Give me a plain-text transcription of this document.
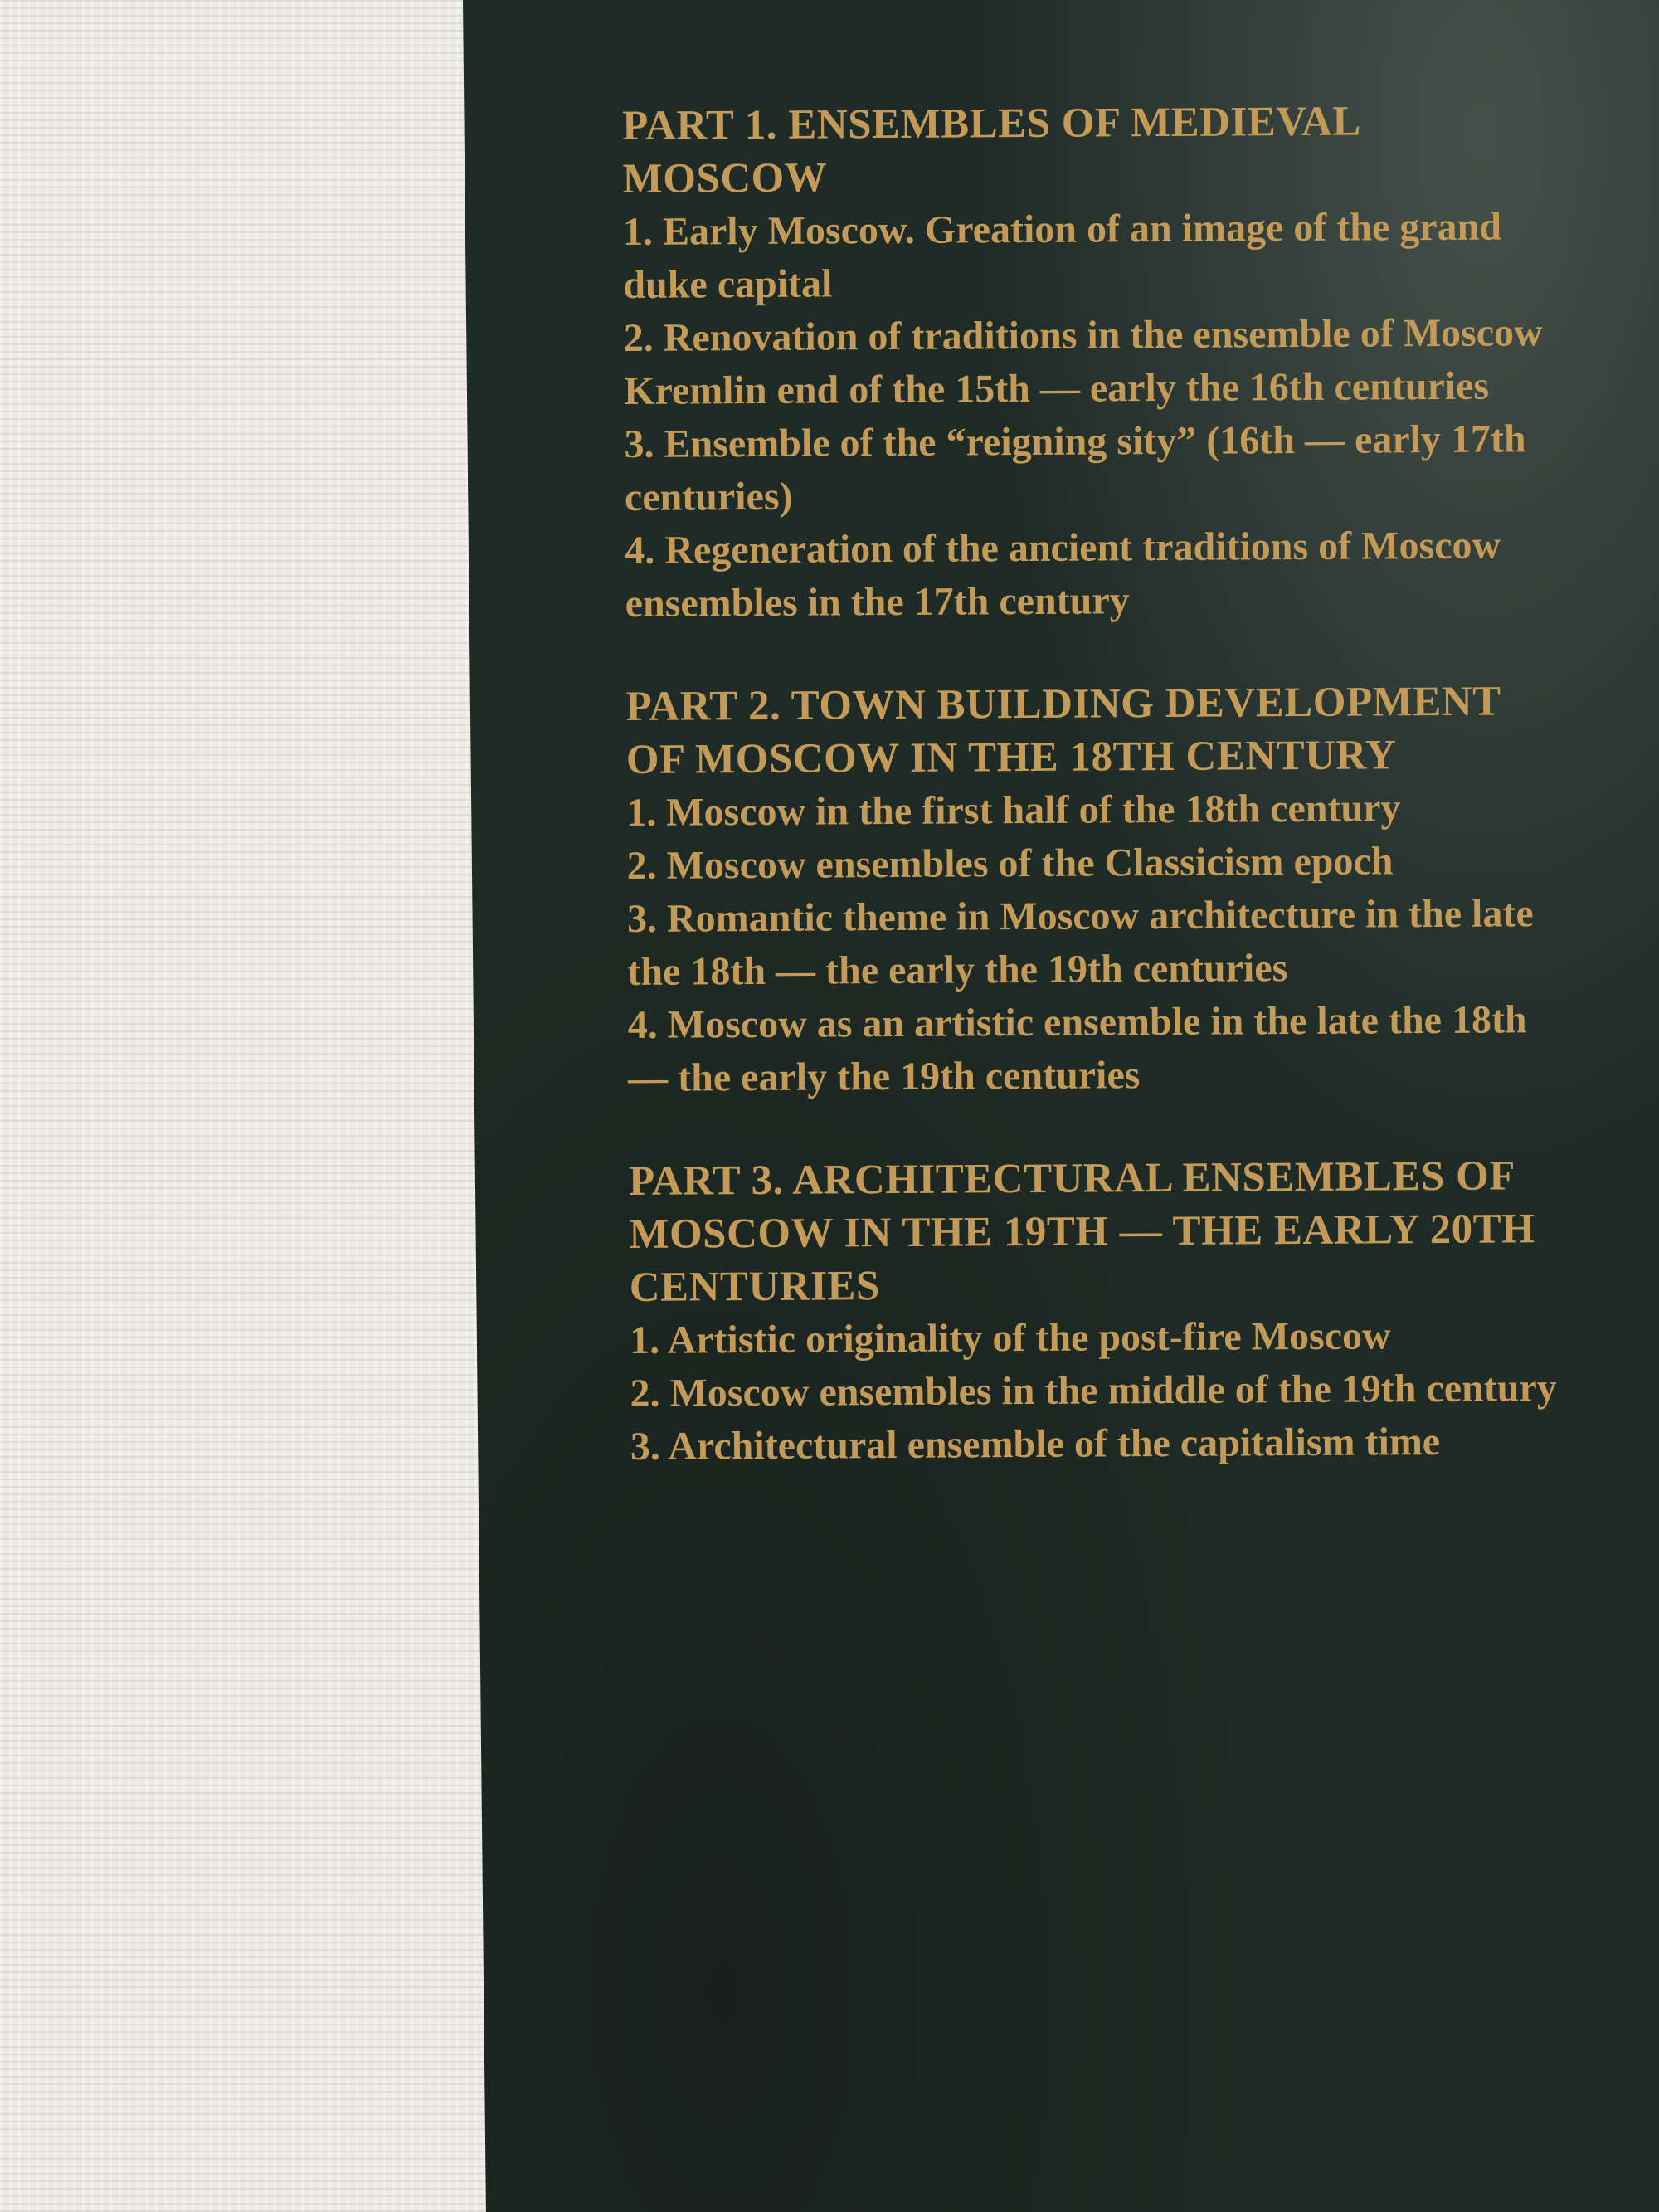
PART 1. ENSEMBLES OF MEDIEVAL MOSCOW

1. Early Moscow. Greation of an image of the grand duke capital

2. Renovation of traditions in the ensemble of Moscow Kremlin end of the 15th — early the 16th centuries

3. Ensemble of the “reigning sity” (16th — early 17th centuries)

4. Regeneration of the ancient traditions of Moscow ensembles in the 17th century

PART 2. TOWN BUILDING DEVELOPMENT OF MOSCOW IN THE 18TH CENTURY

1. Moscow in the first half of the 18th century

2. Moscow ensembles of the Classicism epoch

3. Romantic theme in Moscow architecture in the late the 18th — the early the 19th centuries

4. Moscow as an artistic ensemble in the late the 18th — the early the 19th centuries

PART 3. ARCHITECTURAL ENSEMBLES OF MOSCOW IN THE 19TH — THE EARLY 20TH CENTURIES

1. Artistic originality of the post-fire Moscow

2. Moscow ensembles in the middle of the 19th century

3. Architectural ensemble of the capitalism time
